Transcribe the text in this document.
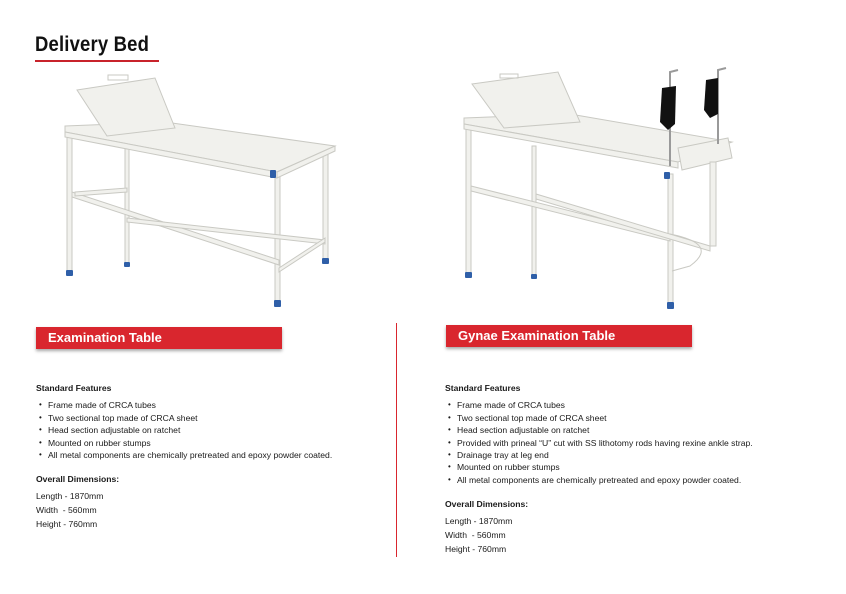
Delivery Bed
Examination Table	Gynae Examination Table
Standard Features
• Frame made of CRCA tubes
• Two sectional top made of CRCA sheet
• Head section adjustable on ratchet
• Mounted on rubber stumps
• All metal components are chemically pretreated and epoxy powder coated.
Overall Dimensions:
Length - 1870mm
Width  - 560mm
Height - 760mm
Standard Features
• Frame made of CRCA tubes
• Two sectional top made of CRCA sheet
• Head section adjustable on ratchet
• Provided with prineal “U” cut with SS lithotomy rods having rexine ankle strap.
• Drainage tray at leg end
• Mounted on rubber stumps
• All metal components are chemically pretreated and epoxy powder coated.
Overall Dimensions:
Length - 1870mm
Width  - 560mm
Height - 760mm
